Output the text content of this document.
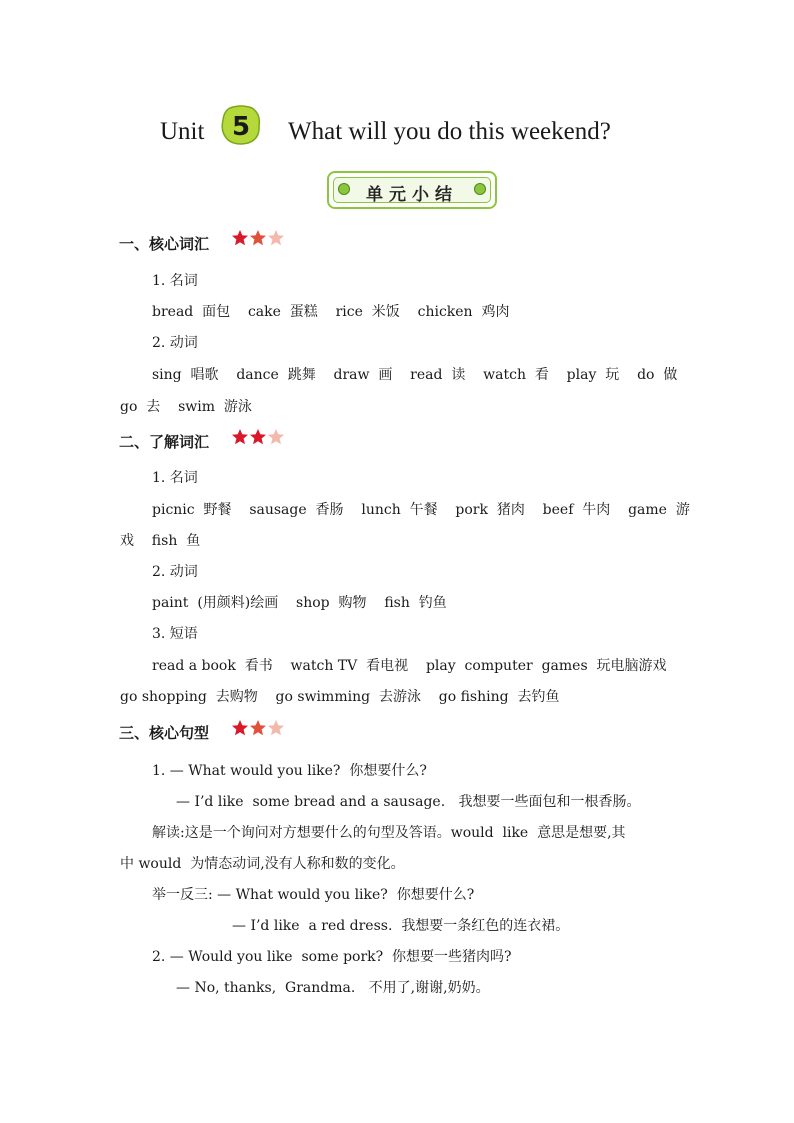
Unit 5 What will you do this weekend?
单元小结
一、核心词汇
1. 名词
bread  面包    cake  蛋糕    rice  米饭    chicken  鸡肉
2. 动词
sing  唱歌    dance  跳舞    draw  画    read  读    watch  看    play  玩    do  做
go  去    swim  游泳
二、了解词汇
1. 名词
picnic  野餐    sausage  香肠    lunch  午餐    pork  猪肉    beef  牛肉    game  游
戏    fish  鱼
2. 动词
paint  (用颜料)绘画    shop  购物    fish  钓鱼
3. 短语
read a book  看书    watch TV  看电视    play  computer  games  玩电脑游戏
go shopping  去购物    go swimming  去游泳    go fishing  去钓鱼
三、核心句型
1. — What would you like?  你想要什么?
— I’d like  some bread and a sausage.   我想要一些面包和一根香肠。
解读:这是一个询问对方想要什么的句型及答语。would  like  意思是想要,其
中 would  为情态动词,没有人称和数的变化。
举一反三: — What would you like?  你想要什么?
— I’d like  a red dress.  我想要一条红色的连衣裙。
2. — Would you like  some pork?  你想要一些猪肉吗?
— No, thanks,  Grandma.   不用了,谢谢,奶奶。
